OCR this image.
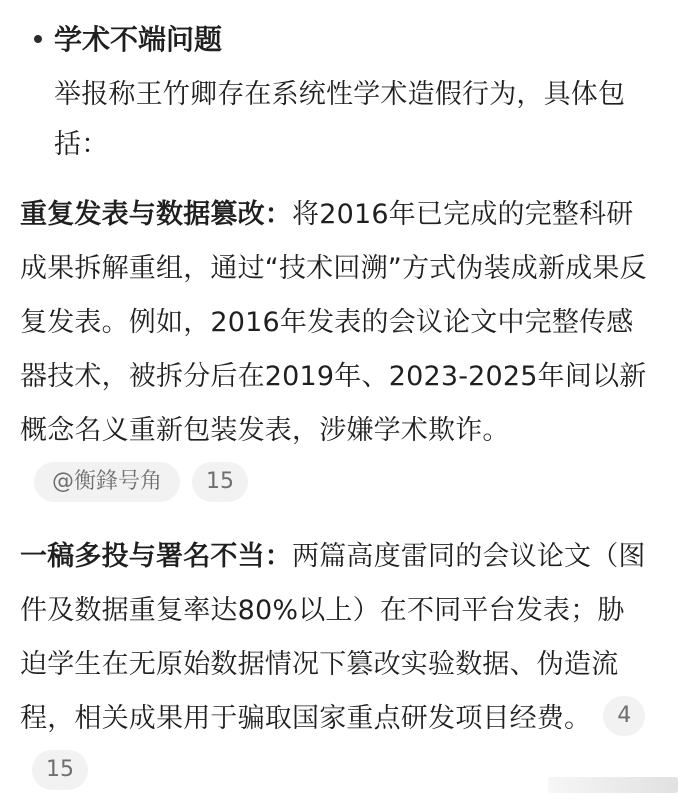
学术不端问题

举报称王竹卿存在系统性学术造假行为，具体包括：

重复发表与数据篡改：将2016年已完成的完整科研成果拆解重组，通过“技术回溯”方式伪装成新成果反复发表。例如，2016年发表的会议论文中完整传感器技术，被拆分后在2019年、2023-2025年间以新概念名义重新包装发表，涉嫌学术欺诈。@衡鋒号角 15

一稿多投与署名不当：两篇高度雷同的会议论文（图件及数据重复率达80%以上）在不同平台发表；胁迫学生在无原始数据情况下篡改实验数据、伪造流程，相关成果用于骗取国家重点研发项目经费。 415
